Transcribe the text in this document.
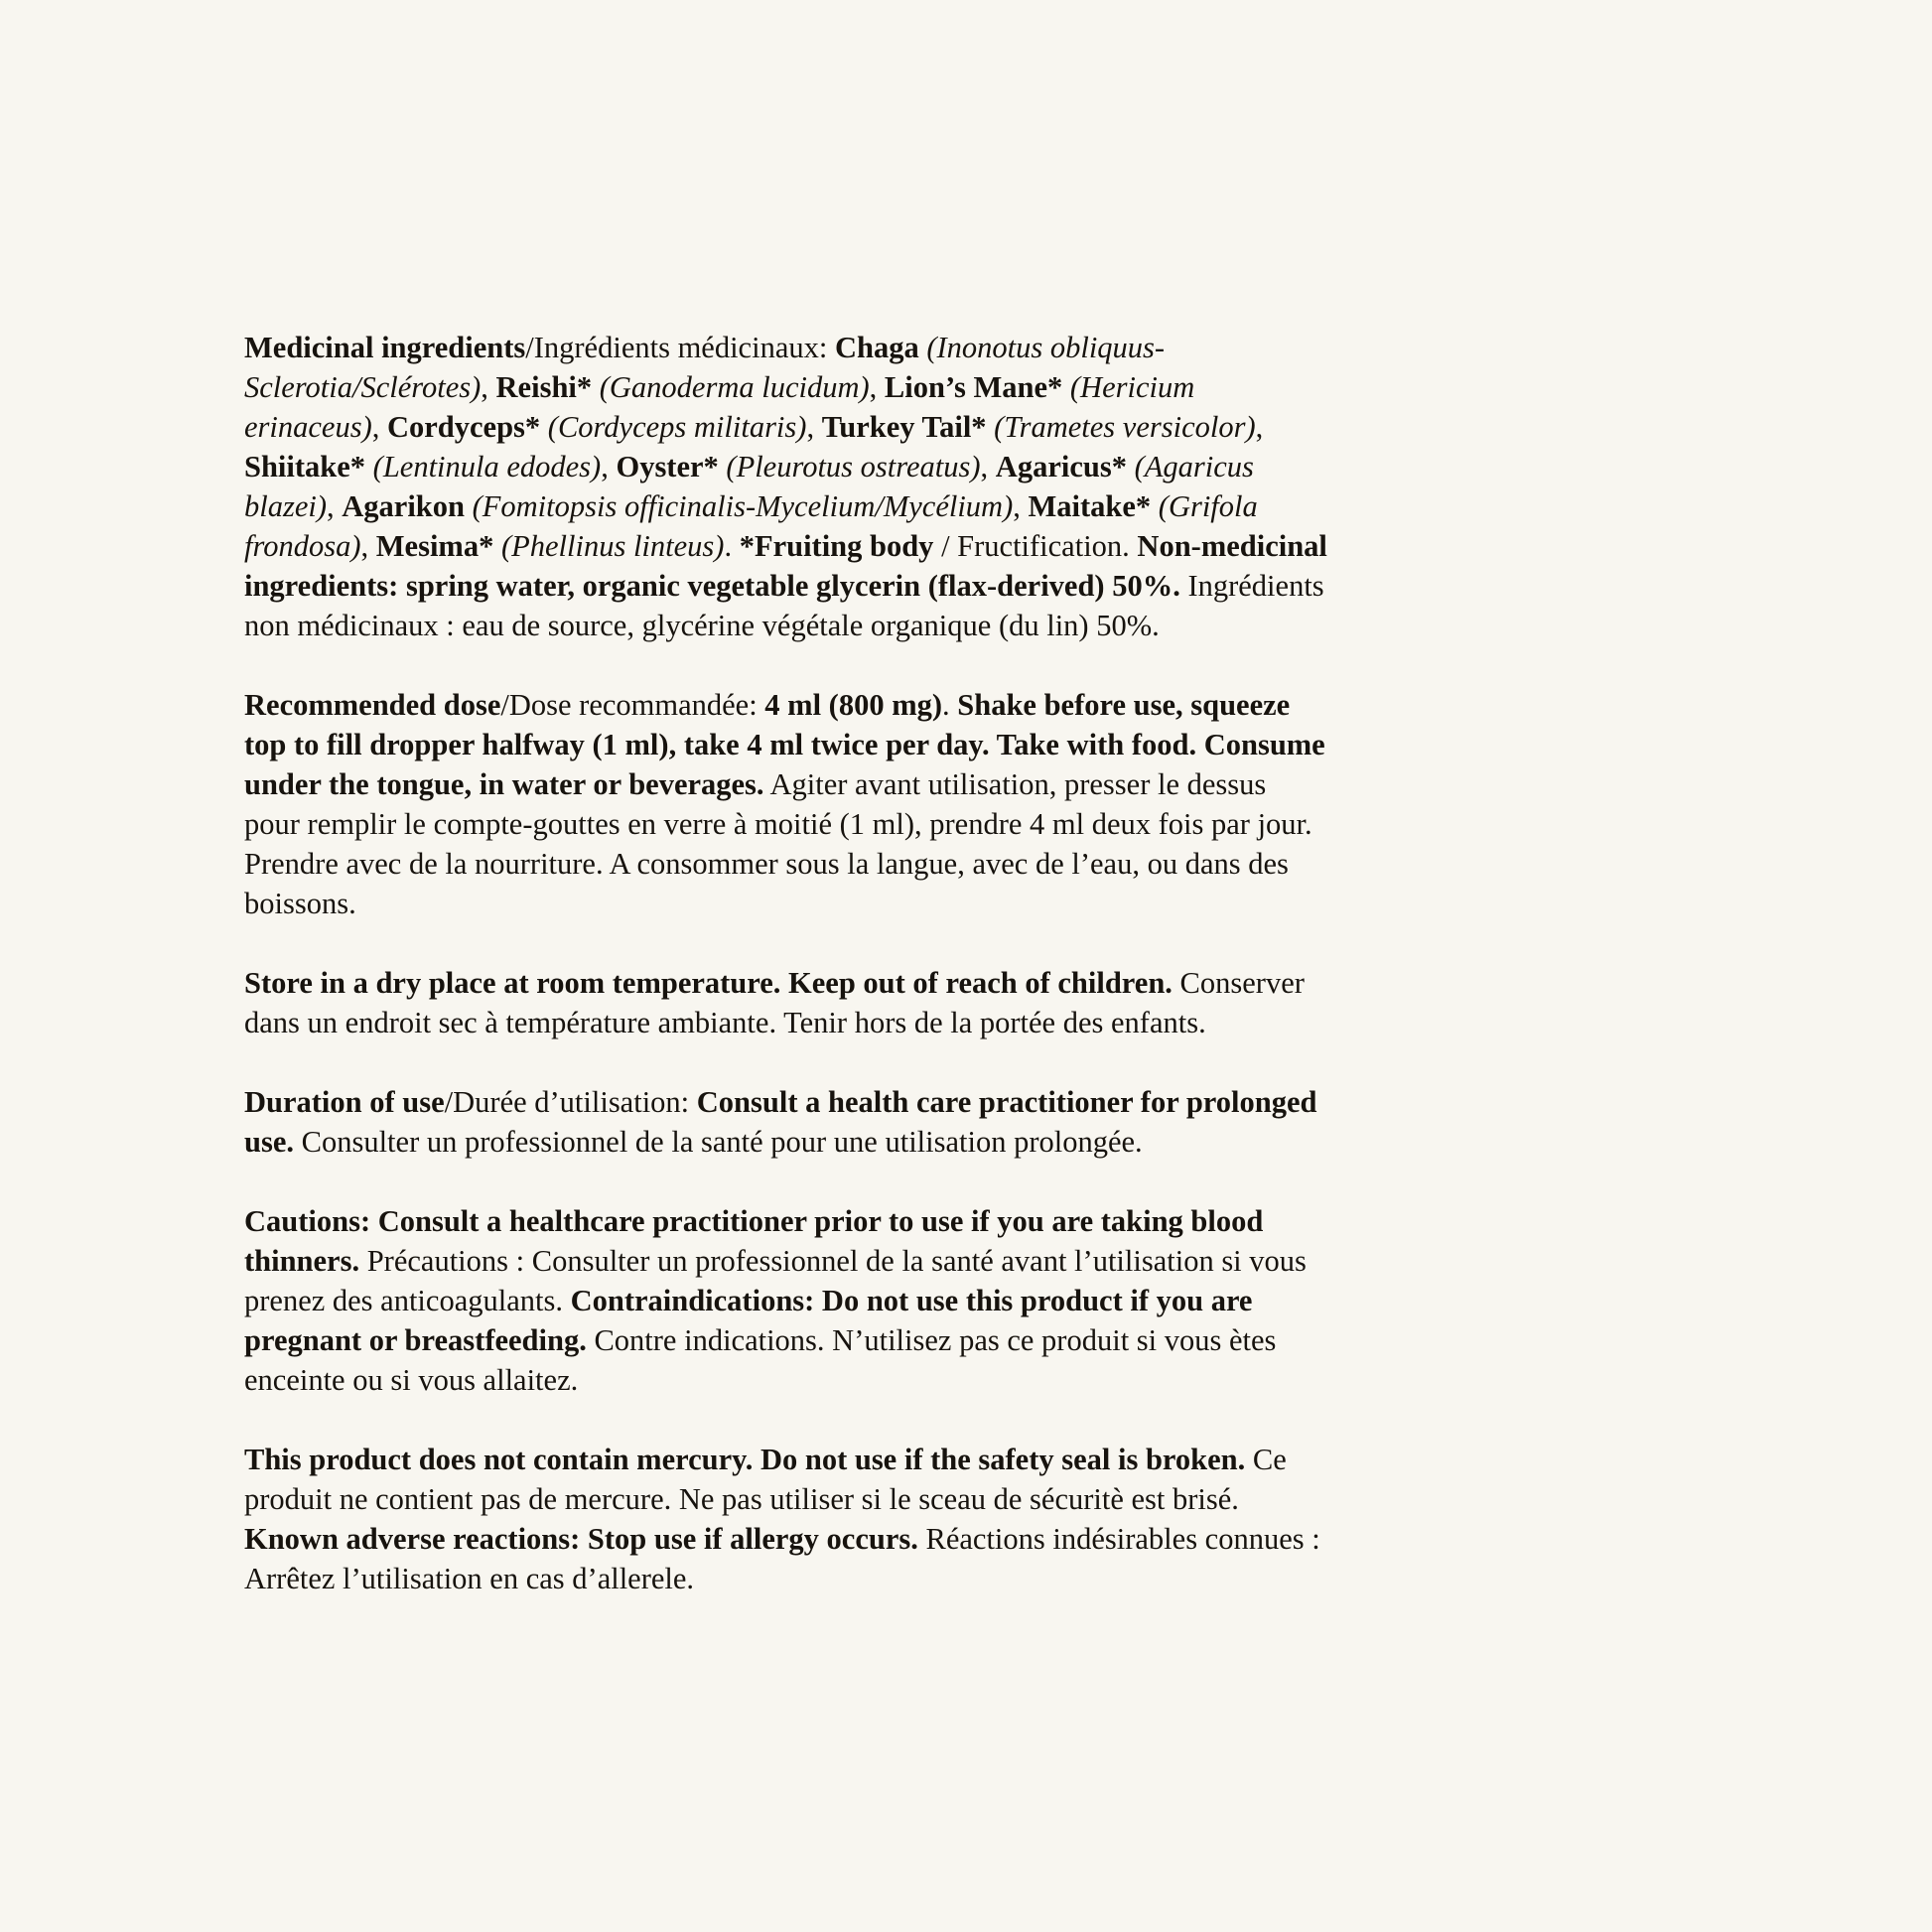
Medicinal ingredients/Ingrédients médicinaux: Chaga (Inonotus obliquus-Sclerotia/Sclérotes), Reishi* (Ganoderma lucidum), Lion’s Mane* (Hericium erinaceus), Cordyceps* (Cordyceps militaris), Turkey Tail* (Trametes versicolor), Shiitake* (Lentinula edodes), Oyster* (Pleurotus ostreatus), Agaricus* (Agaricus blazei), Agarikon (Fomitopsis officinalis-Mycelium/Mycélium), Maitake* (Grifola frondosa), Mesima* (Phellinus linteus). *Fruiting body / Fructification. Non-medicinal ingredients: spring water, organic vegetable glycerin (flax-derived) 50%. Ingrédients non médicinaux : eau de source, glycérine végétale organique (du lin) 50%.

Recommended dose/Dose recommandée: 4 ml (800 mg). Shake before use, squeeze top to fill dropper halfway (1 ml), take 4 ml twice per day. Take with food. Consume under the tongue, in water or beverages. Agiter avant utilisation, presser le dessus pour remplir le compte-gouttes en verre à moitié (1 ml), prendre 4 ml deux fois par jour. Prendre avec de la nourriture. A consommer sous la langue, avec de l’eau, ou dans des boissons.

Store in a dry place at room temperature. Keep out of reach of children. Conserver dans un endroit sec à température ambiante. Tenir hors de la portée des enfants.

Duration of use/Durée d’utilisation: Consult a health care practitioner for prolonged use. Consulter un professionnel de la santé pour une utilisation prolongée.

Cautions: Consult a healthcare practitioner prior to use if you are taking blood thinners. Précautions : Consulter un professionnel de la santé avant l’utilisation si vous prenez des anticoagulants. Contraindications: Do not use this product if you are pregnant or breastfeeding. Contre indications. N’utilisez pas ce produit si vous ètes enceinte ou si vous allaitez.

This product does not contain mercury. Do not use if the safety seal is broken. Ce produit ne contient pas de mercure. Ne pas utiliser si le sceau de sécuritè est brisé. Known adverse reactions: Stop use if allergy occurs. Réactions indésirables connues : Arrêtez l’utilisation en cas d’allerele.
